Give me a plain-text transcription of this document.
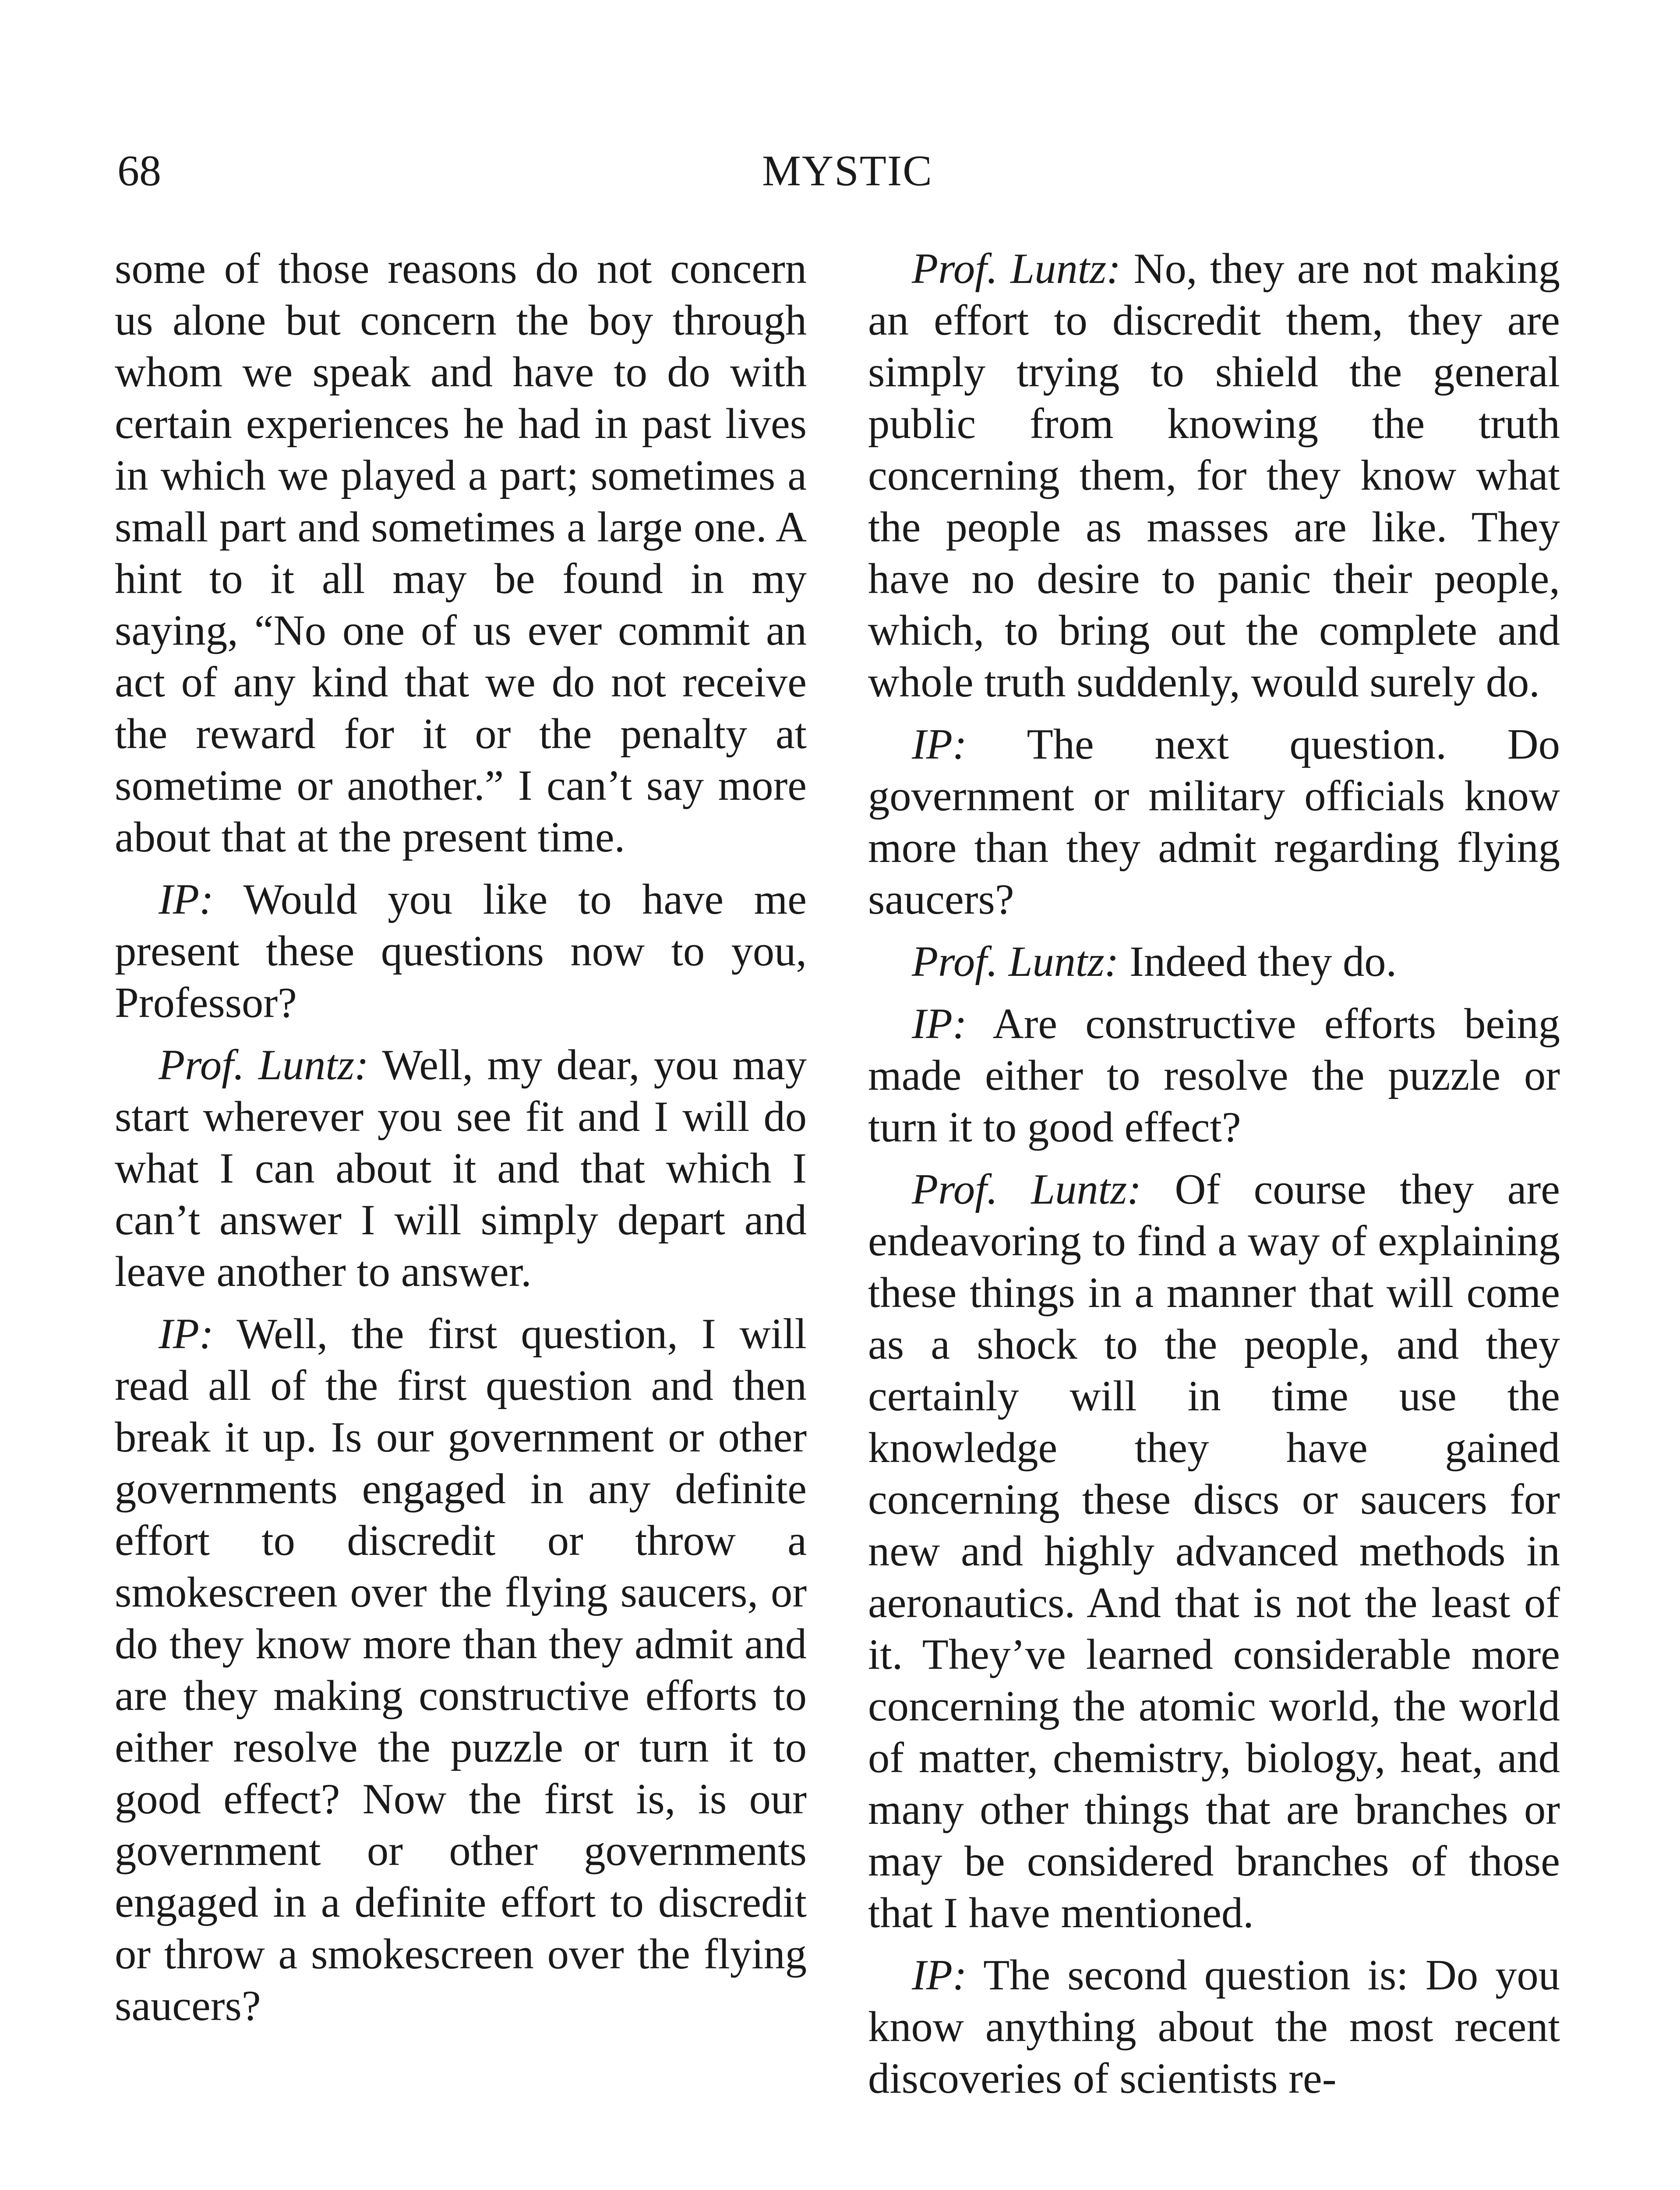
68	MYSTIC

some of those reasons do not concern us alone but concern the boy through whom we speak and have to do with certain experiences he had in past lives in which we played a part; sometimes a small part and sometimes a large one. A hint to it all may be found in my saying, “No one of us ever commit an act of any kind that we do not receive the reward for it or the penalty at sometime or another.” I can’t say more about that at the present time.

IP: Would you like to have me present these questions now to you, Professor?

Prof. Luntz: Well, my dear, you may start wherever you see fit and I will do what I can about it and that which I can’t answer I will simply depart and leave another to answer.

IP: Well, the first question, I will read all of the first question and then break it up. Is our government or other governments engaged in any definite effort to discredit or throw a smokescreen over the flying saucers, or do they know more than they admit and are they making constructive efforts to either resolve the puzzle or turn it to good effect? Now the first is, is our government or other governments engaged in a definite effort to discredit or throw a smokescreen over the flying saucers?

Prof. Luntz: No, they are not making an effort to discredit them, they are simply trying to shield the general public from knowing the truth concerning them, for they know what the people as masses are like. They have no desire to panic their people, which, to bring out the complete and whole truth suddenly, would surely do.

IP: The next question. Do government or military officials know more than they admit regarding flying saucers?

Prof. Luntz: Indeed they do.

IP: Are constructive efforts being made either to resolve the puzzle or turn it to good effect?

Prof. Luntz: Of course they are endeavoring to find a way of explaining these things in a manner that will come as a shock to the people, and they certainly will in time use the knowledge they have gained concerning these discs or saucers for new and highly advanced methods in aeronautics. And that is not the least of it. They’ve learned considerable more concerning the atomic world, the world of matter, chemistry, biology, heat, and many other things that are branches or may be considered branches of those that I have mentioned.

IP: The second question is: Do you know anything about the most recent discoveries of scientists re-
